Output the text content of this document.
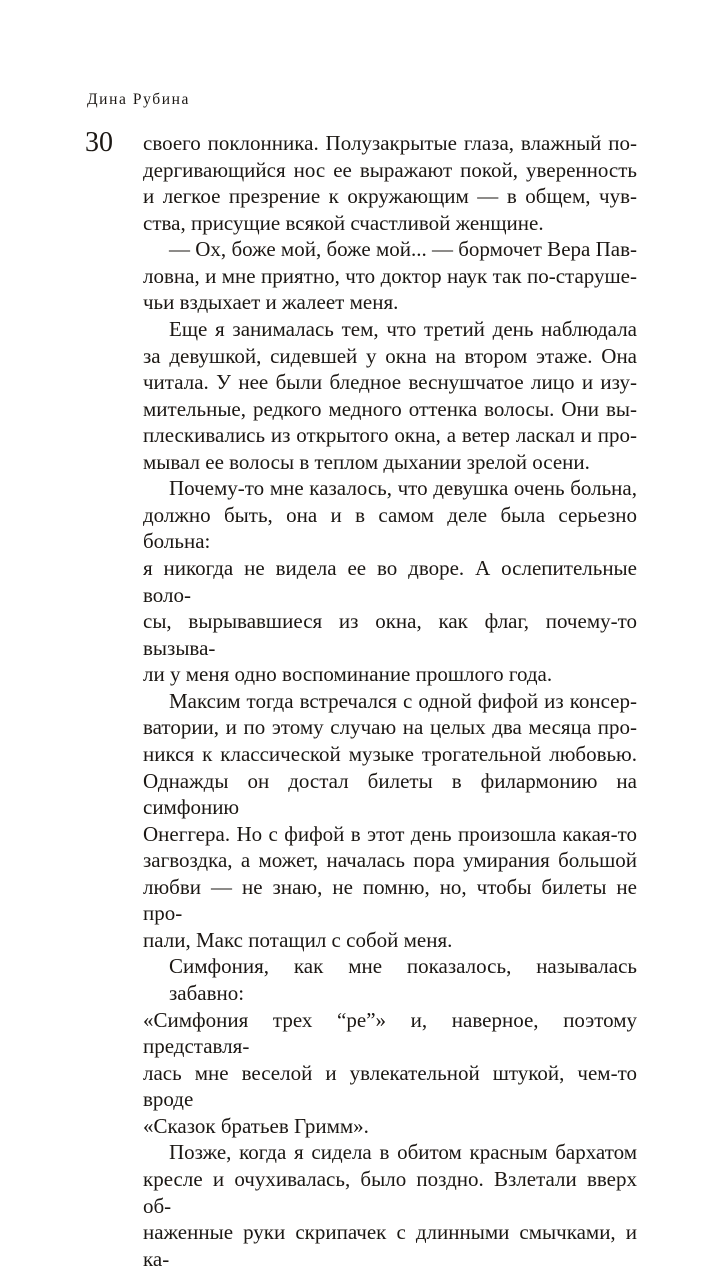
Дина Рубина
30 своего поклонника. Полузакрытые глаза, влажный по-
дергивающийся нос ее выражают покой, уверенность
и легкое презрение к окружающим — в общем, чув-
ства, присущие всякой счастливой женщине.

— Ох, боже мой, боже мой... — бормочет Вера Пав-
ловна, и мне приятно, что доктор наук так по-старуше-
чьи вздыхает и жалеет меня.

Еще я занималась тем, что третий день наблюдала
за девушкой, сидевшей у окна на втором этаже. Она
читала. У нее были бледное веснушчатое лицо и изу-
мительные, редкого медного оттенка волосы. Они вы-
плескивались из открытого окна, а ветер ласкал и про-
мывал ее волосы в теплом дыхании зрелой осени.

Почему-то мне казалось, что девушка очень больна,
должно быть, она и в самом деле была серьезно больна:
я никогда не видела ее во дворе. А ослепительные воло-
сы, вырывавшиеся из окна, как флаг, почему-то вызыва-
ли у меня одно воспоминание прошлого года.

Максим тогда встречался с одной фифой из консер-
ватории, и по этому случаю на целых два месяца про-
никся к классической музыке трогательной любовью.
Однажды он достал билеты в филармонию на симфонию
Онеггера. Но с фифой в этот день произошла какая-то
загвоздка, а может, началась пора умирания большой
любви — не знаю, не помню, но, чтобы билеты не про-
пали, Макс потащил с собой меня.

Симфония, как мне показалось, называлась забавно:
«Симфония трех “ре”» и, наверное, поэтому представля-
лась мне веселой и увлекательной штукой, чем-то вроде
«Сказок братьев Гримм».

Позже, когда я сидела в обитом красным бархатом
кресле и очухивалась, было поздно. Взлетали вверх об-
наженные руки скрипачек с длинными смычками, и ка-
